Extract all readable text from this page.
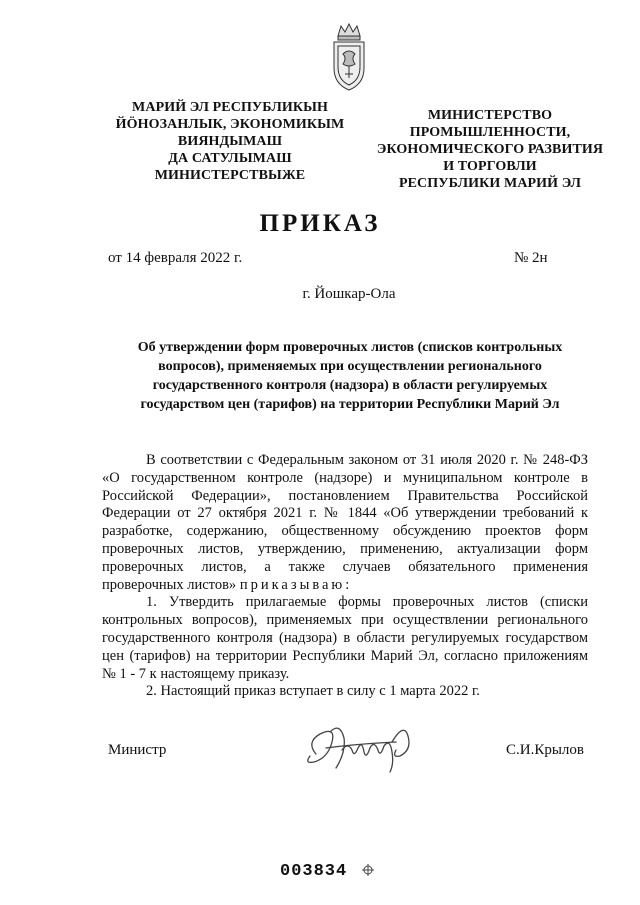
МАРИЙ ЭЛ РЕСПУБЛИКЫН
ЙӦНОЗАНЛЫК, ЭКОНОМИКЫМ
ВИЯНДЫМАШ
ДА САТУЛЫМАШ
МИНИСТЕРСТВЫЖЕ
МИНИСТЕРСТВО
ПРОМЫШЛЕННОСТИ,
ЭКОНОМИЧЕСКОГО РАЗВИТИЯ
И ТОРГОВЛИ
РЕСПУБЛИКИ МАРИЙ ЭЛ
ПРИКАЗ
от 14 февраля 2022 г.	№ 2н
г. Йошкар-Ола
Об утверждении форм проверочных листов (списков контрольных
вопросов), применяемых при осуществлении регионального
государственного контроля (надзора) в области регулируемых
государством цен (тарифов) на территории Республики Марий Эл

В соответствии с Федеральным законом от 31 июля 2020 г. № 248-ФЗ «О государственном контроле (надзоре) и муниципальном контроле в Российской Федерации», постановлением Правительства Российской Федерации от 27 октября 2021 г. № 1844 «Об утверждении требований к разработке, содержанию, общественному обсуждению проектов форм проверочных листов, утверждению, применению, актуализации форм проверочных листов, а также случаев обязательного применения проверочных листов» приказываю:

1. Утвердить прилагаемые формы проверочных листов (списки контрольных вопросов), применяемых при осуществлении регионального государственного контроля (надзора) в области регулируемых государством цен (тарифов) на территории Республики Марий Эл, согласно приложениям № 1 - 7 к настоящему приказу.

2. Настоящий приказ вступает в силу с 1 марта 2022 г.

Министр	С.И.Крылов
003834
